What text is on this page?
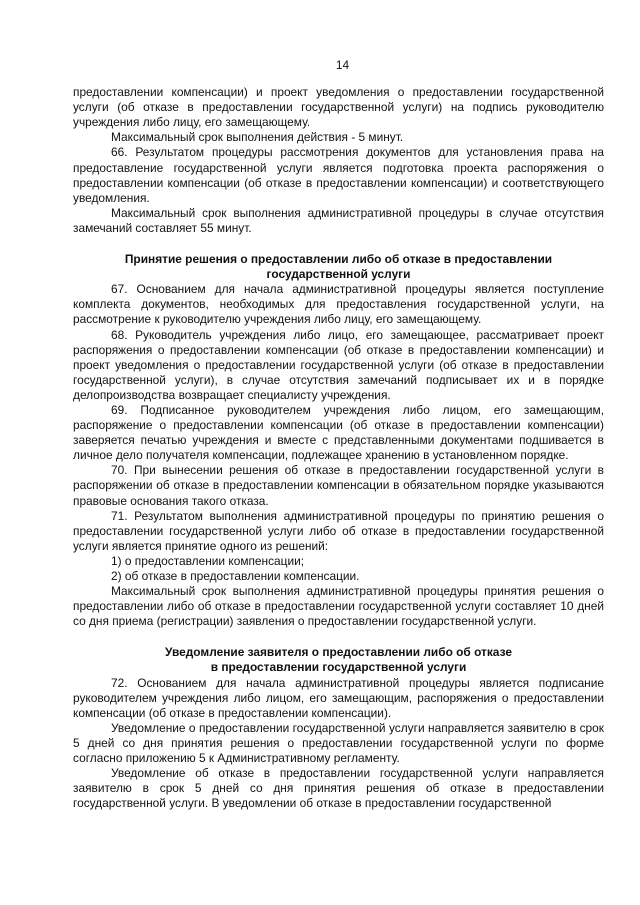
14

предоставлении компенсации) и проект уведомления о предоставлении государственной услуги (об отказе в предоставлении государственной услуги) на подпись руководителю учреждения либо лицу, его замещающему.

Максимальный срок выполнения действия - 5 минут.

66. Результатом процедуры рассмотрения документов для установления права на предоставление государственной услуги является подготовка проекта распоряжения о предоставлении компенсации (об отказе в предоставлении компенсации) и соответствующего уведомления.

Максимальный срок выполнения административной процедуры в случае отсутствия замечаний составляет 55 минут.

Принятие решения о предоставлении либо об отказе в предоставлении
государственной услуги

67. Основанием для начала административной процедуры является поступление комплекта документов, необходимых для предоставления государственной услуги, на рассмотрение к руководителю учреждения либо лицу, его замещающему.

68. Руководитель учреждения либо лицо, его замещающее, рассматривает проект распоряжения о предоставлении компенсации (об отказе в предоставлении компенсации) и проект уведомления о предоставлении государственной услуги (об отказе в предоставлении государственной услуги), в случае отсутствия замечаний подписывает их и в порядке делопроизводства возвращает специалисту учреждения.

69. Подписанное руководителем учреждения либо лицом, его замещающим, распоряжение о предоставлении компенсации (об отказе в предоставлении компенсации) заверяется печатью учреждения и вместе с представленными документами подшивается в личное дело получателя компенсации, подлежащее хранению в установленном порядке.

70. При вынесении решения об отказе в предоставлении государственной услуги в распоряжении об отказе в предоставлении компенсации в обязательном порядке указываются правовые основания такого отказа.

71. Результатом выполнения административной процедуры по принятию решения о предоставлении государственной услуги либо об отказе в предоставлении государственной услуги является принятие одного из решений:

1) о предоставлении компенсации;

2) об отказе в предоставлении компенсации.

Максимальный срок выполнения административной процедуры принятия решения о предоставлении либо об отказе в предоставлении государственной услуги составляет 10 дней со дня приема (регистрации) заявления о предоставлении государственной услуги.

Уведомление заявителя о предоставлении либо об отказе
в предоставлении государственной услуги

72. Основанием для начала административной процедуры является подписание руководителем учреждения либо лицом, его замещающим, распоряжения о предоставлении компенсации (об отказе в предоставлении компенсации).

Уведомление о предоставлении государственной услуги направляется заявителю в срок 5 дней со дня принятия решения о предоставлении государственной услуги по форме согласно приложению 5 к Административному регламенту.

Уведомление об отказе в предоставлении государственной услуги направляется заявителю в срок 5 дней со дня принятия решения об отказе в предоставлении государственной услуги. В уведомлении об отказе в предоставлении государственной
